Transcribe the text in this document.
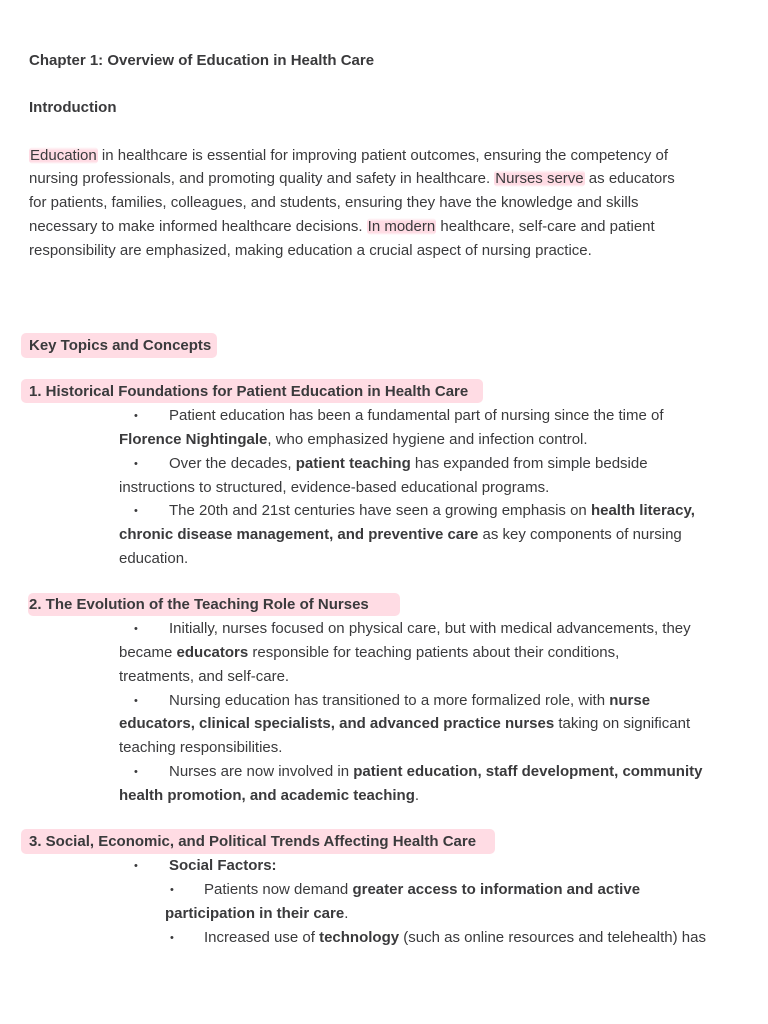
Chapter 1: Overview of Education in Health Care
Introduction
Education in healthcare is essential for improving patient outcomes, ensuring the competency of
nursing professionals, and promoting quality and safety in healthcare. Nurses serve as educators
for patients, families, colleagues, and students, ensuring they have the knowledge and skills
necessary to make informed healthcare decisions. In modern healthcare, self-care and patient
responsibility are emphasized, making education a crucial aspect of nursing practice.
Key Topics and Concepts
1. Historical Foundations for Patient Education in Health Care
• Patient education has been a fundamental part of nursing since the time of
Florence Nightingale, who emphasized hygiene and infection control.
• Over the decades, patient teaching has expanded from simple bedside
instructions to structured, evidence-based educational programs.
• The 20th and 21st centuries have seen a growing emphasis on health literacy,
chronic disease management, and preventive care as key components of nursing
education.
2. The Evolution of the Teaching Role of Nurses
• Initially, nurses focused on physical care, but with medical advancements, they
became educators responsible for teaching patients about their conditions,
treatments, and self-care.
• Nursing education has transitioned to a more formalized role, with nurse
educators, clinical specialists, and advanced practice nurses taking on significant
teaching responsibilities.
• Nurses are now involved in patient education, staff development, community
health promotion, and academic teaching.
3. Social, Economic, and Political Trends Affecting Health Care
• Social Factors:
• Patients now demand greater access to information and active
participation in their care.
• Increased use of technology (such as online resources and telehealth) has
